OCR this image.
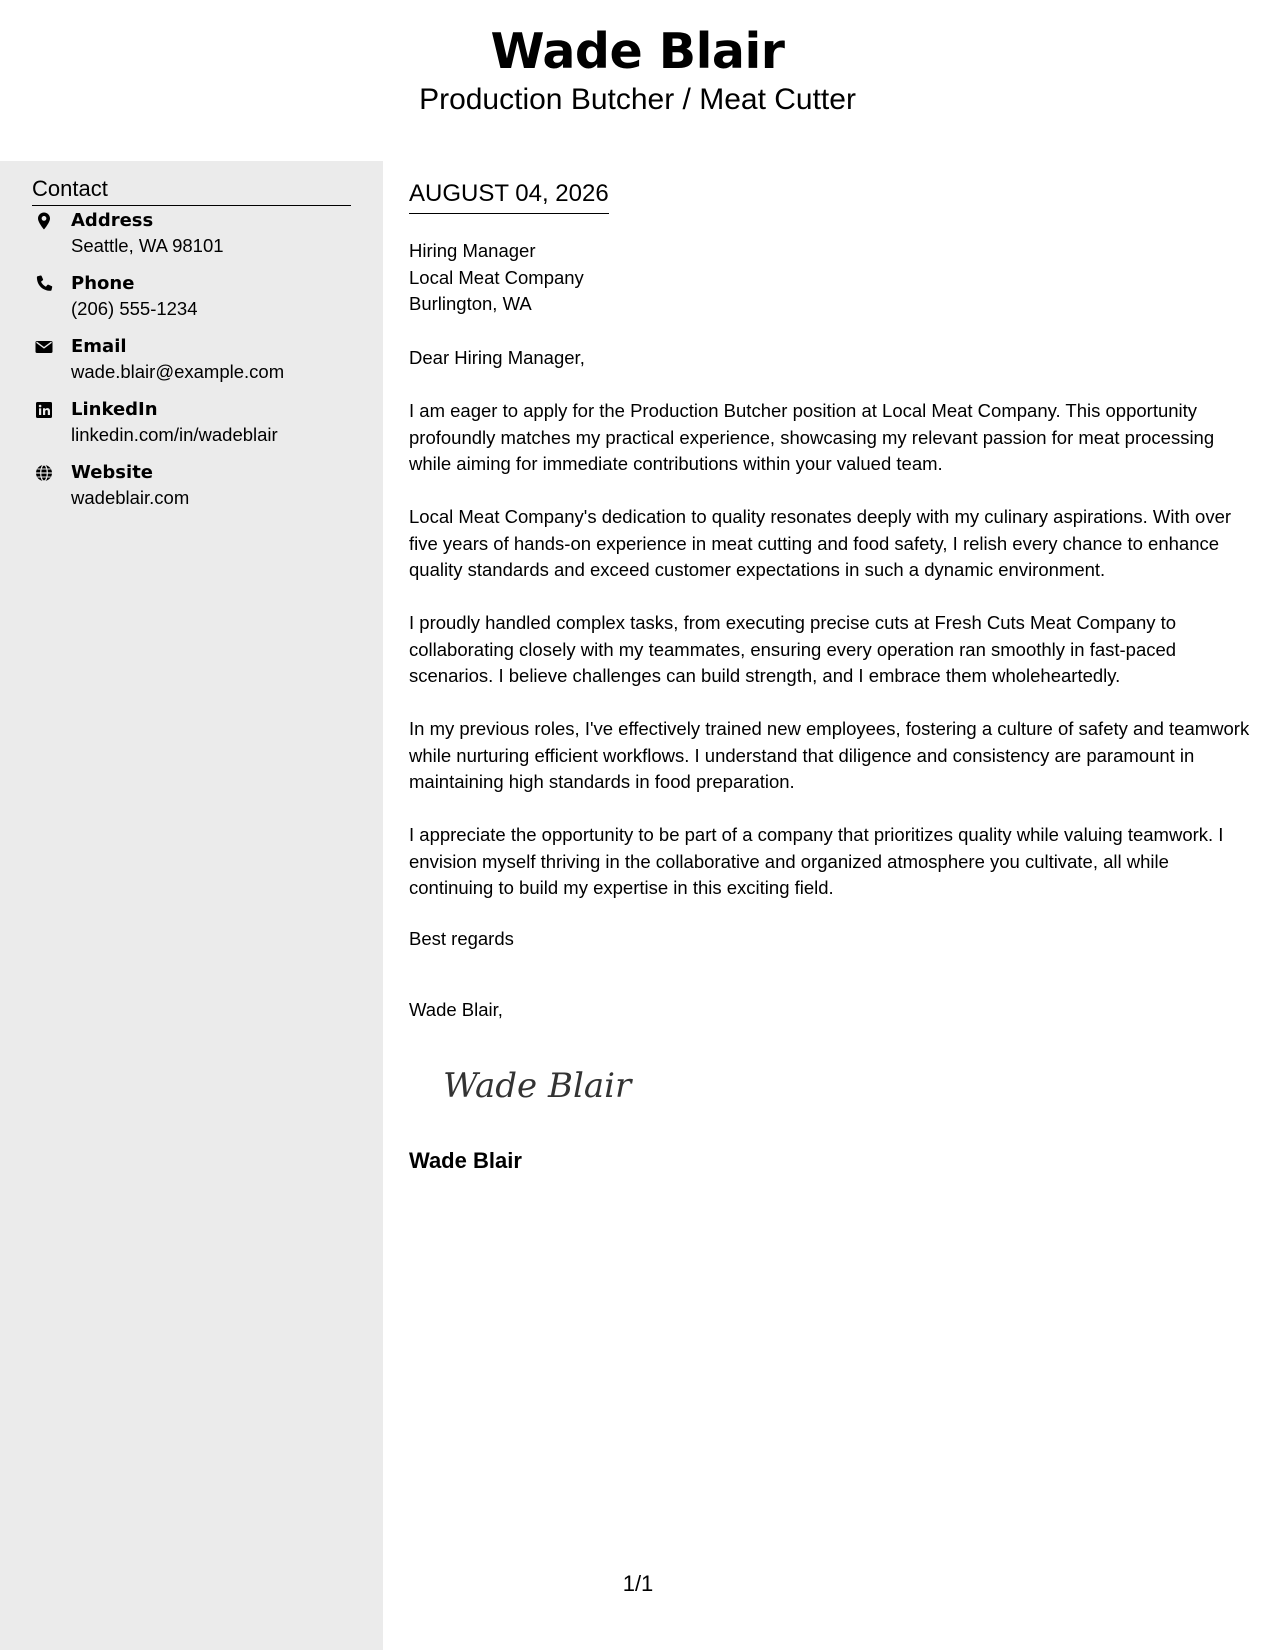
Wade Blair
Production Butcher / Meat Cutter
Contact
Address
Seattle, WA 98101
Phone
(206) 555-1234
Email
wade.blair@example.com
LinkedIn
linkedin.com/in/wadeblair
Website
wadeblair.com
AUGUST 04, 2026
Hiring Manager
Local Meat Company
Burlington, WA
Dear Hiring Manager,

I am eager to apply for the Production Butcher position at Local Meat Company. This opportunity profoundly matches my practical experience, showcasing my relevant passion for meat processing while aiming for immediate contributions within your valued team.

Local Meat Company's dedication to quality resonates deeply with my culinary aspirations. With over five years of hands-on experience in meat cutting and food safety, I relish every chance to enhance quality standards and exceed customer expectations in such a dynamic environment.

I proudly handled complex tasks, from executing precise cuts at Fresh Cuts Meat Company to collaborating closely with my teammates, ensuring every operation ran smoothly in fast-paced scenarios. I believe challenges can build strength, and I embrace them wholeheartedly.

In my previous roles, I've effectively trained new employees, fostering a culture of safety and teamwork while nurturing efficient workflows. I understand that diligence and consistency are paramount in maintaining high standards in food preparation.

I appreciate the opportunity to be part of a company that prioritizes quality while valuing teamwork. I envision myself thriving in the collaborative and organized atmosphere you cultivate, all while continuing to build my expertise in this exciting field.

Best regards
Wade Blair,
Wade Blair
Wade Blair
1/1
